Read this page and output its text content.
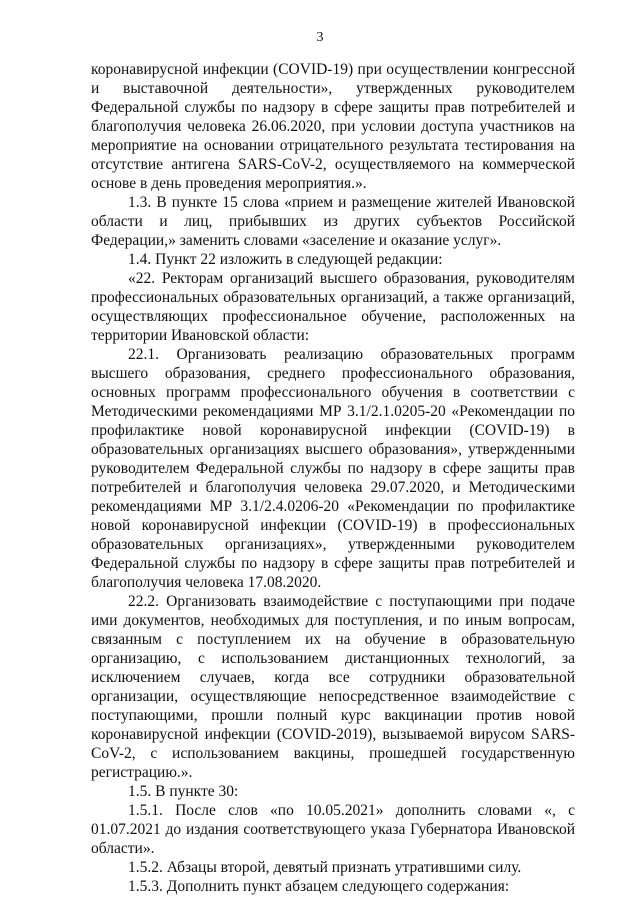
3

коронавирусной инфекции (COVID-19) при осуществлении конгрессной и выставочной деятельности», утвержденных руководителем Федеральной службы по надзору в сфере защиты прав потребителей и благополучия человека 26.06.2020, при условии доступа участников на мероприятие на основании отрицательного результата тестирования на отсутствие антигена SARS-CoV-2, осуществляемого на коммерческой основе в день проведения мероприятия.».

1.3. В пункте 15 слова «прием и размещение жителей Ивановской области и лиц, прибывших из других субъектов Российской Федерации,» заменить словами «заселение и оказание услуг».

1.4. Пункт 22 изложить в следующей редакции:

«22. Ректорам организаций высшего образования, руководителям профессиональных образовательных организаций, а также организаций, осуществляющих профессиональное обучение, расположенных на территории Ивановской области:

22.1. Организовать реализацию образовательных программ высшего образования, среднего профессионального образования, основных программ профессионального обучения в соответствии с Методическими рекомендациями МР 3.1/2.1.0205-20 «Рекомендации по профилактике новой коронавирусной инфекции (COVID-19) в образовательных организациях высшего образования», утвержденными руководителем Федеральной службы по надзору в сфере защиты прав потребителей и благополучия человека 29.07.2020, и Методическими рекомендациями МР 3.1/2.4.0206-20 «Рекомендации по профилактике новой коронавирусной инфекции (COVID-19) в профессиональных образовательных организациях», утвержденными руководителем Федеральной службы по надзору в сфере защиты прав потребителей и благополучия человека 17.08.2020.

22.2. Организовать взаимодействие с поступающими при подаче ими документов, необходимых для поступления, и по иным вопросам, связанным с поступлением их на обучение в образовательную организацию, с использованием дистанционных технологий, за исключением случаев, когда все сотрудники образовательной организации, осуществляющие непосредственное взаимодействие с поступающими, прошли полный курс вакцинации против новой коронавирусной инфекции (COVID-2019), вызываемой вирусом SARS-CoV-2, с использованием вакцины, прошедшей государственную регистрацию.».

1.5. В пункте 30:

1.5.1. После слов «по 10.05.2021» дополнить словами «, с 01.07.2021 до издания соответствующего указа Губернатора Ивановской области».

1.5.2. Абзацы второй, девятый признать утратившими силу.

1.5.3. Дополнить пункт абзацем следующего содержания:
